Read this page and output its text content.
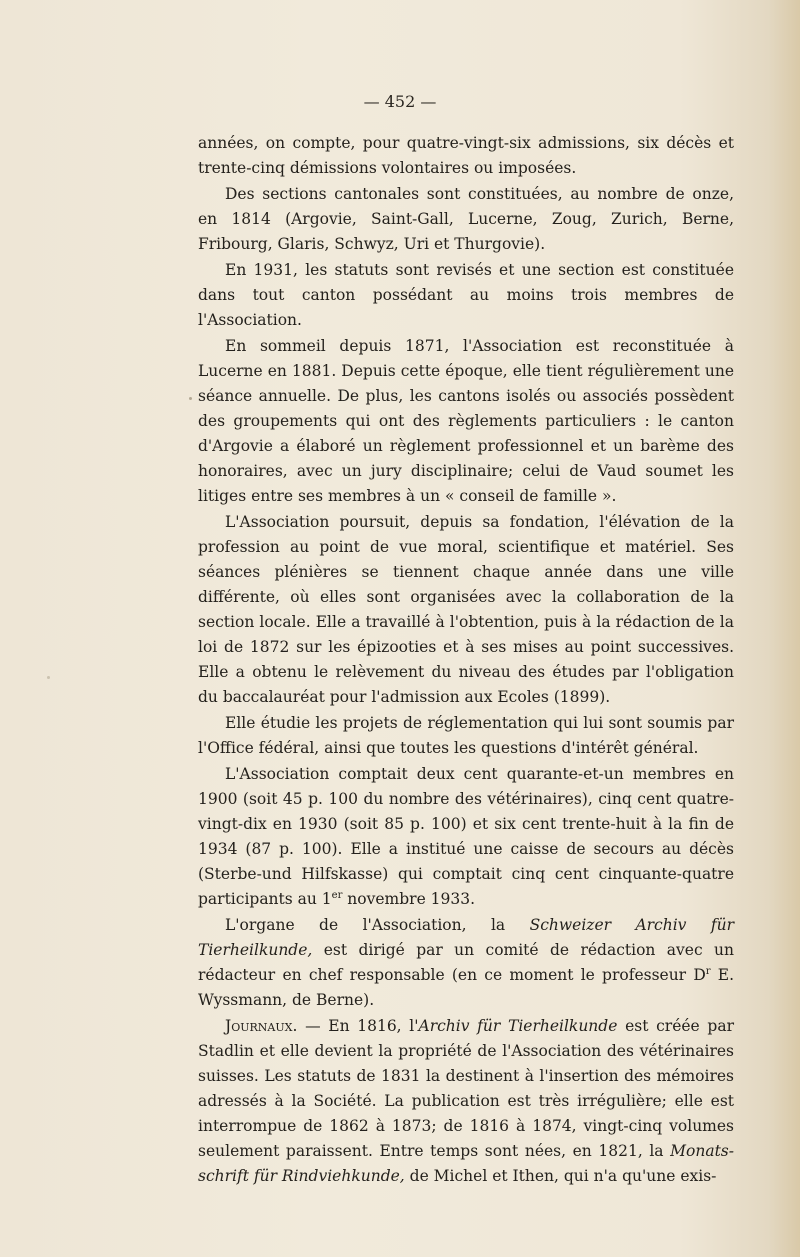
— 452 —

années, on compte, pour quatre-vingt-six admissions, six décès et trente-cinq démissions volontaires ou imposées.

Des sections cantonales sont constituées, au nombre de onze, en 1814 (Argovie, Saint-Gall, Lucerne, Zoug, Zurich, Berne, Fribourg, Glaris, Schwyz, Uri et Thurgovie).

En 1931, les statuts sont revisés et une section est constituée dans tout canton possédant au moins trois membres de l'Association.

En sommeil depuis 1871, l'Association est reconstituée à Lucerne en 1881. Depuis cette époque, elle tient régulièrement une séance annuelle. De plus, les cantons isolés ou associés possèdent des groupements qui ont des règlements particuliers : le canton d'Argovie a élaboré un règlement professionnel et un barème des honoraires, avec un jury disciplinaire; celui de Vaud soumet les litiges entre ses membres à un « conseil de famille ».

L'Association poursuit, depuis sa fondation, l'élévation de la profession au point de vue moral, scientifique et matériel. Ses séances plénières se tiennent chaque année dans une ville différente, où elles sont organisées avec la collaboration de la section locale. Elle a travaillé à l'obtention, puis à la rédaction de la loi de 1872 sur les épizooties et à ses mises au point successives. Elle a obtenu le relèvement du niveau des études par l'obligation du baccalauréat pour l'admission aux Ecoles (1899).

Elle étudie les projets de réglementation qui lui sont soumis par l'Office fédéral, ainsi que toutes les questions d'intérêt général.

L'Association comptait deux cent quarante-et-un membres en 1900 (soit 45 p. 100 du nombre des vétérinaires), cinq cent quatre-vingt-dix en 1930 (soit 85 p. 100) et six cent trente-huit à la fin de 1934 (87 p. 100). Elle a institué une caisse de secours au décès (Sterbe-und Hilfskasse) qui comptait cinq cent cinquante-quatre participants au 1er novembre 1933.

L'organe de l'Association, la Schweizer Archiv für Tierheilkunde, est dirigé par un comité de rédaction avec un rédacteur en chef responsable (en ce moment le professeur $D^r$ E. Wyssmann, de Berne).

Journaux. — En 1816, l'Archiv für Tierheilkunde est créée par Stadlin et elle devient la propriété de l'Association des vétérinaires suisses. Les statuts de 1831 la destinent à l'insertion des mémoires adressés à la Société. La publication est très irrégulière; elle est interrompue de 1862 à 1873; de 1816 à 1874, vingt-cinq volumes seulement paraissent. Entre temps sont nées, en 1821, la Monats-schrift für Rindviehkunde, de Michel et Ithen, qui n'a qu'une exis-
